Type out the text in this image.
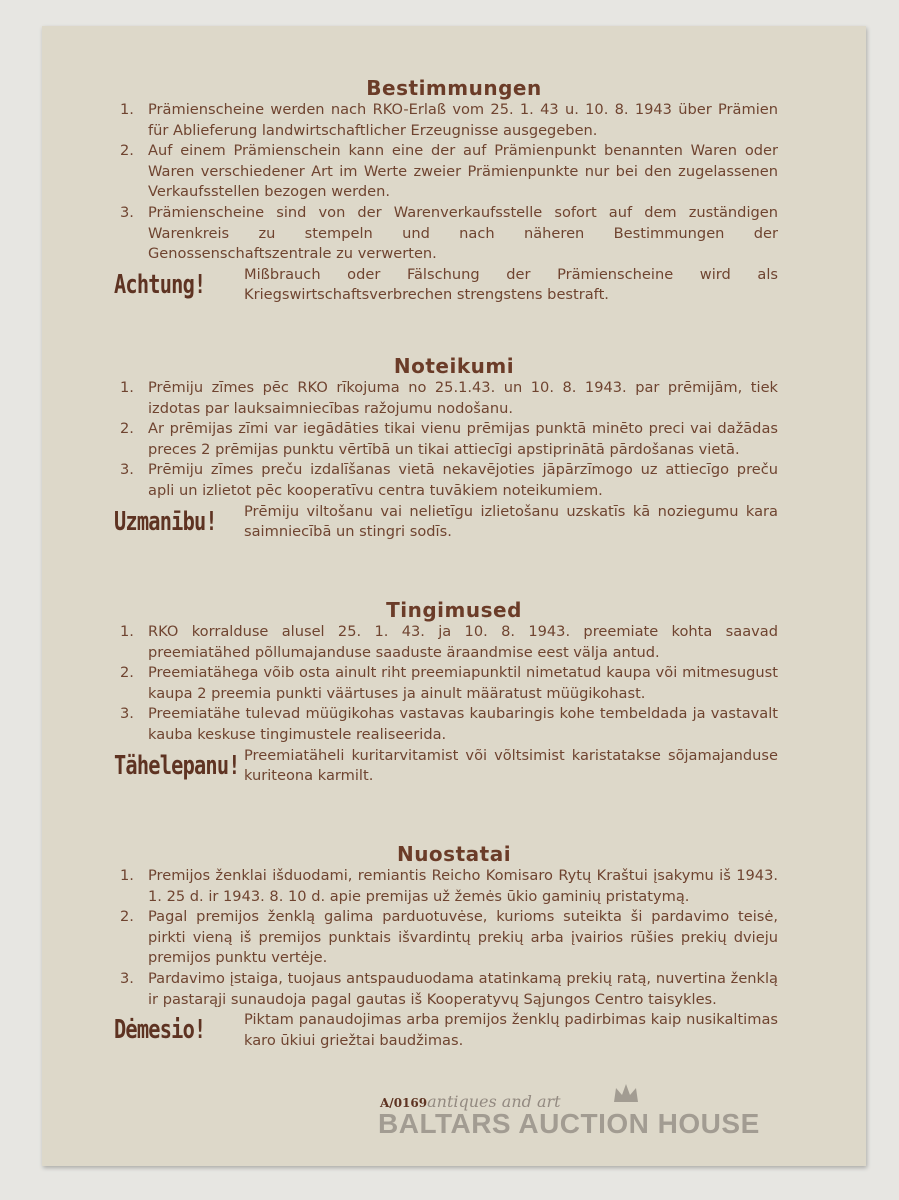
Bestimmungen
1. Prämienscheine werden nach RKO-Erlaß vom 25. 1. 43 u. 10. 8. 1943 über Prämien für Ablieferung landwirtschaftlicher Erzeugnisse ausgegeben.
2. Auf einem Prämienschein kann eine der auf Prämienpunkt benannten Waren oder Waren verschiedener Art im Werte zweier Prämienpunkte nur bei den zugelassenen Verkaufsstellen bezogen werden.
3. Prämienscheine sind von der Warenverkaufsstelle sofort auf dem zuständigen Warenkreis zu stempeln und nach näheren Bestimmungen der Genossenschaftszentrale zu verwerten.
Achtung!	Mißbrauch oder Fälschung der Prämienscheine wird als Kriegswirtschaftsverbrechen strengstens bestraft.
Noteikumi
1. Prēmiju zīmes pēc RKO rīkojuma no 25.1.43. un 10. 8. 1943. par prēmijām, tiek izdotas par lauksaimniecības ražojumu nodošanu.
2. Ar prēmijas zīmi var iegādāties tikai vienu prēmijas punktā minēto preci vai dažādas preces 2 prēmijas punktu vērtībā un tikai attiecīgi apstiprinātā pārdošanas vietā.
3. Prēmiju zīmes preču izdalīšanas vietā nekavējoties jāpārzīmogo uz attiecīgo preču apli un izlietot pēc kooperatīvu centra tuvākiem noteikumiem.
Uzmanību! Prēmiju viltošanu vai nelietīgu izlietošanu uzskatīs kā noziegumu kara saimniecībā un stingri sodīs.
Tingimused
1. RKO korralduse alusel 25. 1. 43. ja 10. 8. 1943. preemiate kohta saavad preemiatähed põllumajanduse saaduste äraandmise eest välja antud.
2. Preemiatähega võib osta ainult riht preemiapunktil nimetatud kaupa või mitmesugust kaupa 2 preemia punkti väärtuses ja ainult määratust müügikohast.
3. Preemiatähe tulevad müügikohas vastavas kaubaringis kohe tembeldada ja vastavalt kauba keskuse tingimustele realiseerida.
Tähelepanu! Preemiatäheli kuritarvitamist või võltsimist karistatakse sõjamajanduse kuriteona karmilt.
Nuostatai
1. Premijos ženklai išduodami, remiantis Reicho Komisaro Rytų Kraštui įsakymu iš 1943. 1. 25 d. ir 1943. 8. 10 d. apie premijas už žemės ūkio gaminių pristatymą.
2. Pagal premijos ženklą galima parduotuvėse, kurioms suteikta ši pardavimo teisė, pirkti vieną iš premijos punktais išvardintų prekių arba įvairios rūšies prekių dvieju premijos punktu vertėje.
3. Pardavimo įstaiga, tuojaus antspauduodama atatinkamą prekių ratą, nuvertina ženklą ir pastarąji sunaudoja pagal gautas iš Kooperatyvų Sąjungos Centro taisykles.
Dėmesio!	Piktam panaudojimas arba premijos ženklų padirbimas kaip nusikaltimas karo ūkiui griežtai baudžimas.
A/0169antiques and art
BALTARS AUCTION HOUSE
